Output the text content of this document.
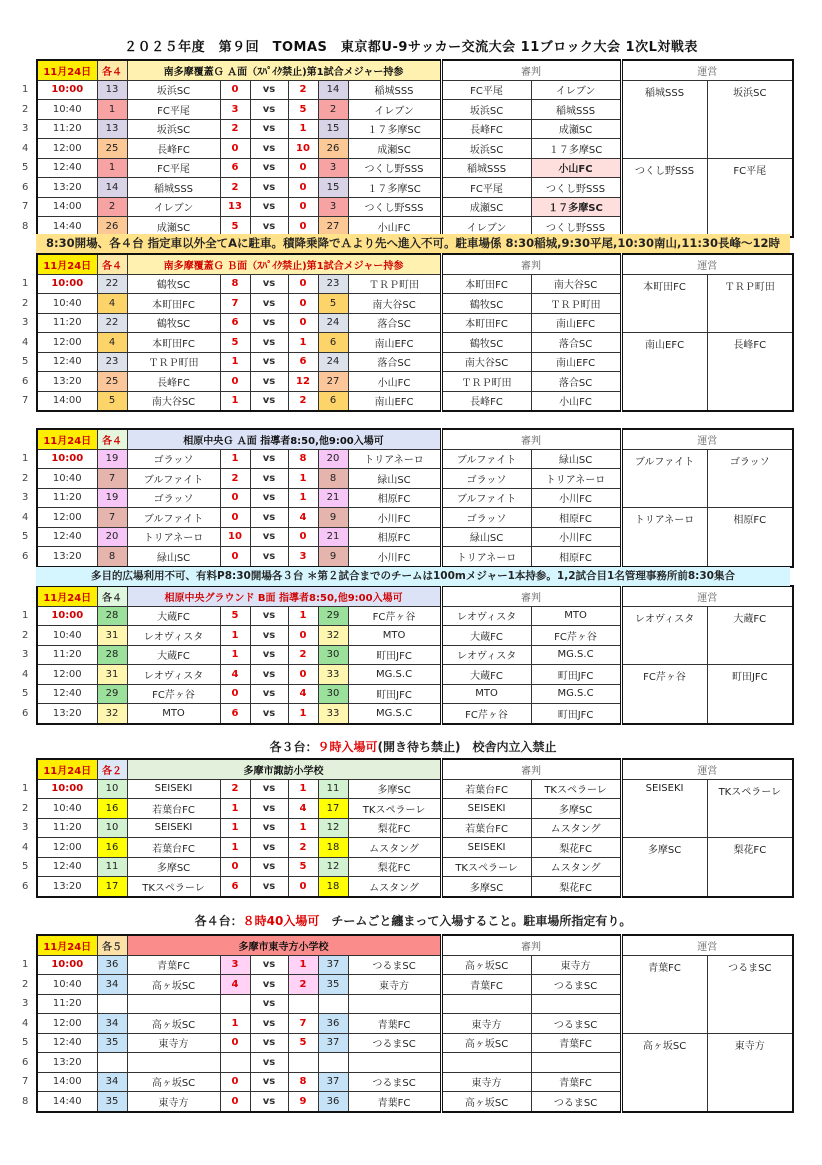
２０２５年度　第９回　TOMAS　東京都U-9サッカー交流大会 11ブロック大会 1次L対戦表
1
2
3
4
5
6
7
8
11月24日	各４	南多摩覆蓋Ｇ Ａ面（ｽﾊﾟｲｸ禁止)第1試合メジャー持参						審判		運営	
10:00	13	坂浜SC	0	vs	2	14	稲城SSS	FC平尾	イレブン	稲城SSS	坂浜SC
10:40	1	FC平尾	3	vs	5	2	イレブン	坂浜SC	稲城SSS		
11:20	13	坂浜SC	2	vs	1	15	１７多摩SC	長峰FC	成瀬SC		
12:00	25	長峰FC	0	vs	10	26	成瀬SC	坂浜SC	１７多摩SC		
12:40	1	FC平尾	6	vs	0	3	つくし野SSS	稲城SSS	小山FC	つくし野SSS	FC平尾
13:20	14	稲城SSS	2	vs	0	15	１７多摩SC	FC平尾	つくし野SSS		
14:00	2	イレブン	13	vs	0	3	つくし野SSS	成瀬SC	１７多摩SC		
14:40	26	成瀬SC	5	vs	0	27	小山FC	イレブン	つくし野SSS		
1
2
3
4
5
6
7
11月24日	各４	南多摩覆蓋Ｇ Ｂ面（ｽﾊﾟｲｸ禁止)第1試合メジャー持参						審判		運営	
10:00	22	鶴牧SC	8	vs	0	23	ＴＲＰ町田	本町田FC	南大谷SC	本町田FC	ＴＲＰ町田
10:40	4	本町田FC	7	vs	0	5	南大谷SC	鶴牧SC	ＴＲＰ町田		
11:20	22	鶴牧SC	6	vs	0	24	落合SC	本町田FC	南山EFC		
12:00	4	本町田FC	5	vs	1	6	南山EFC	鶴牧SC	落合SC	南山EFC	長峰FC
12:40	23	ＴＲＰ町田	1	vs	6	24	落合SC	南大谷SC	南山EFC		
13:20	25	長峰FC	0	vs	12	27	小山FC	ＴＲＰ町田	落合SC		
14:00	5	南大谷SC	1	vs	2	6	南山EFC	長峰FC	小山FC		
1
2
3
4
5
6
11月24日	各４	相原中央Ｇ Ａ面 指導者8:50,他9:00入場可						審判		運営	
10:00	19	ゴラッソ	1	vs	8	20	トリアネーロ	ブルファイト	緑山SC	ブルファイト	ゴラッソ
10:40	7	ブルファイト	2	vs	1	8	緑山SC	ゴラッソ	トリアネーロ		
11:20	19	ゴラッソ	0	vs	1	21	相原FC	ブルファイト	小川FC		
12:00	7	ブルファイト	0	vs	4	9	小川FC	ゴラッソ	相原FC	トリアネーロ	相原FC
12:40	20	トリアネーロ	10	vs	0	21	相原FC	緑山SC	小川FC		
13:20	8	緑山SC	0	vs	3	9	小川FC	トリアネーロ	相原FC		
1
2
3
4
5
6
11月24日	各４	相原中央グラウンド B面 指導者8:50,他9:00入場可						審判		運営	
10:00	28	大蔵FC	5	vs	1	29	FC芹ヶ谷	レオヴィスタ	MTO	レオヴィスタ	大蔵FC
10:40	31	レオヴィスタ	1	vs	0	32	MTO	大蔵FC	FC芹ヶ谷		
11:20	28	大蔵FC	1	vs	2	30	町田JFC	レオヴィスタ	MG.S.C		
12:00	31	レオヴィスタ	4	vs	0	33	MG.S.C	大蔵FC	町田JFC	FC芹ヶ谷	町田JFC
12:40	29	FC芹ヶ谷	0	vs	4	30	町田JFC	MTO	MG.S.C		
13:20	32	MTO	6	vs	1	33	MG.S.C	FC芹ヶ谷	町田JFC		
1
2
3
4
5
6
11月24日	各２	多摩市諏訪小学校						審判		運営	
10:00	10	SEISEKI	2	vs	1	11	多摩SC	若葉台FC	TKスペラーレ	SEISEKI	TKスペラーレ
10:40	16	若葉台FC	1	vs	4	17	TKスペラーレ	SEISEKI	多摩SC		
11:20	10	SEISEKI	1	vs	1	12	梨花FC	若葉台FC	ムスタング		
12:00	16	若葉台FC	1	vs	2	18	ムスタング	SEISEKI	梨花FC	多摩SC	梨花FC
12:40	11	多摩SC	0	vs	5	12	梨花FC	TKスペラーレ	ムスタング		
13:20	17	TKスペラーレ	6	vs	0	18	ムスタング	多摩SC	梨花FC		
1
2
3
4
5
6
7
8
11月24日	各５	多摩市東寺方小学校						審判		運営	
10:00	36	青葉FC	3	vs	1	37	つるまSC	高ヶ坂SC	東寺方	青葉FC	つるまSC
10:40	34	高ヶ坂SC	4	vs	2	35	東寺方	青葉FC	つるまSC		
11:20				vs							
12:00	34	高ヶ坂SC	1	vs	7	36	青葉FC	東寺方	つるまSC		
12:40	35	東寺方	0	vs	5	37	つるまSC	高ヶ坂SC	青葉FC	高ヶ坂SC	東寺方
13:20				vs							
14:00	34	高ヶ坂SC	0	vs	8	37	つるまSC	東寺方	青葉FC		
14:40	35	東寺方	0	vs	9	36	青葉FC	高ヶ坂SC	つるまSC		
8:30開場、各４台 指定車以外全てAに駐車。積降乗降でＡより先へ進入不可。駐車場係 8:30稲城,9:30平尾,10:30南山,11:30長峰～12時
多目的広場利用不可、有料P8:30開場各３台 ＊第２試合までのチームは100mメジャー1本持参。1,2試合目1名管理事務所前8:30集合
各３台：９時入場可(開き待ち禁止)　校舎内立入禁止
各４台：８時40入場可　チームごと纏まって入場すること。駐車場所指定有り。
